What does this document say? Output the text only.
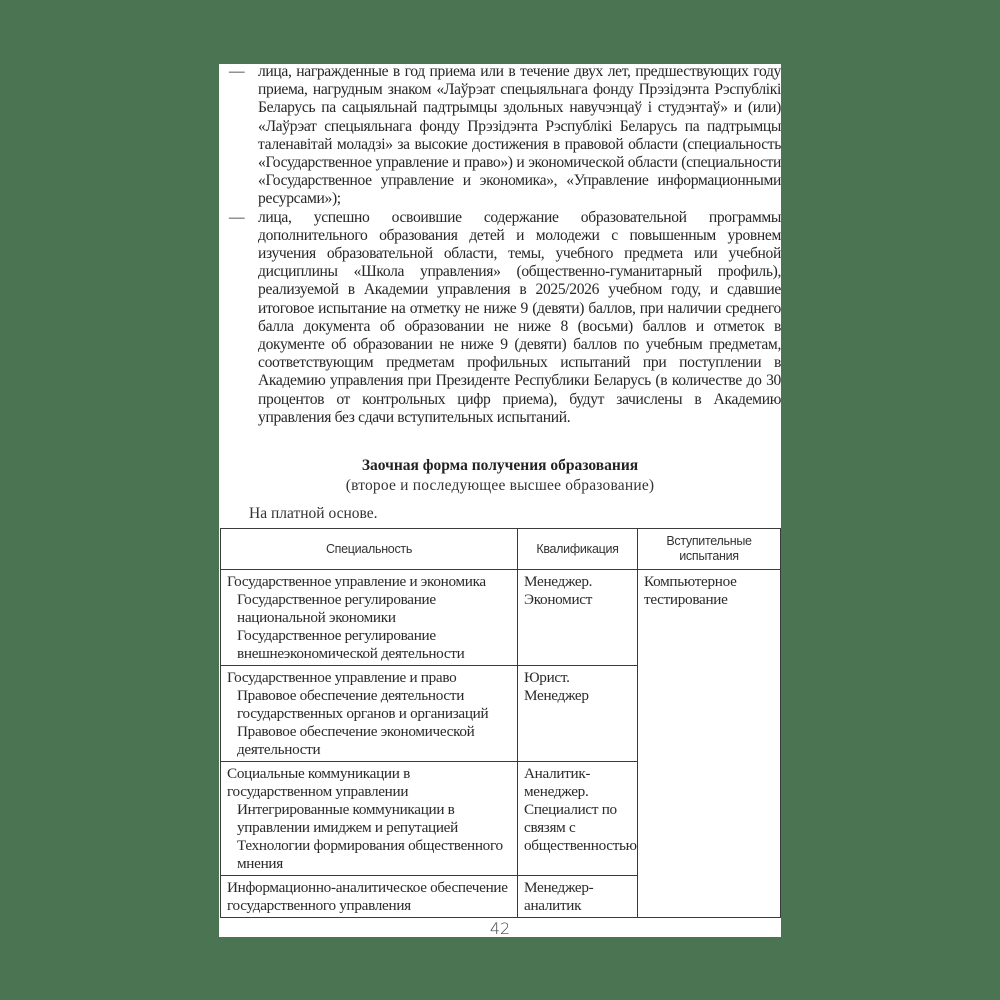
— лица, награжденные в год приема или в течение двух лет, предшествующих году приема, нагрудным знаком «Лаўрэат спецыяльнага фонду Прэзідэнта Рэспублікі Беларусь па сацыяльнай падтрымцы здольных навучэнцаў і студэнтаў» и (или) «Лаўрэат спецыяльнага фонду Прэзідэнта Рэспублікі Беларусь па падтрымцы таленавітай моладзі» за высокие достижения в правовой области (специальность «Государственное управление и право») и экономической области (специальности «Государственное управление и экономика», «Управление информационными ресурсами»);
— лица, успешно освоившие содержание образовательной программы дополнительного образования детей и молодежи с повышенным уровнем изучения образовательной области, темы, учебного предмета или учебной дисциплины «Школа управления» (общественно-гуманитарный профиль), реализуемой в Академии управления в 2025/2026 учебном году, и сдавшие итоговое испытание на отметку не ниже 9 (девяти) баллов, при наличии среднего балла документа об образовании не ниже 8 (восьми) баллов и отметок в документе об образовании не ниже 9 (девяти) баллов по учебным предметам, соответствующим предметам профильных испытаний при поступлении в Академию управления при Президенте Республики Беларусь (в количестве до 30 процентов от контрольных цифр приема), будут зачислены в Академию управления без сдачи вступительных испытаний.
Заочная форма получения образования
(второе и последующее высшее образование)
На платной основе.
Специальность	Квалификация	Вступительные испытания

Государственное управление и экономика
Государственное регулирование национальной экономики
Государственное регулирование внешнеэкономической деятельности	Менеджер. Экономист	Компьютерное тестирование

Государственное управление и право
Правовое обеспечение деятельности государственных органов и организаций
Правовое обеспечение экономической деятельности	Юрист. Менеджер	

Социальные коммуникации в государственном управлении
Интегрированные коммуникации в управлении имиджем и репутацией
Технологии формирования общественного мнения	Аналитик-менеджер. Специалист по связям с общественностью	

Информационно-аналитическое обеспечение государственного управления	Менеджер-аналитик	
42
